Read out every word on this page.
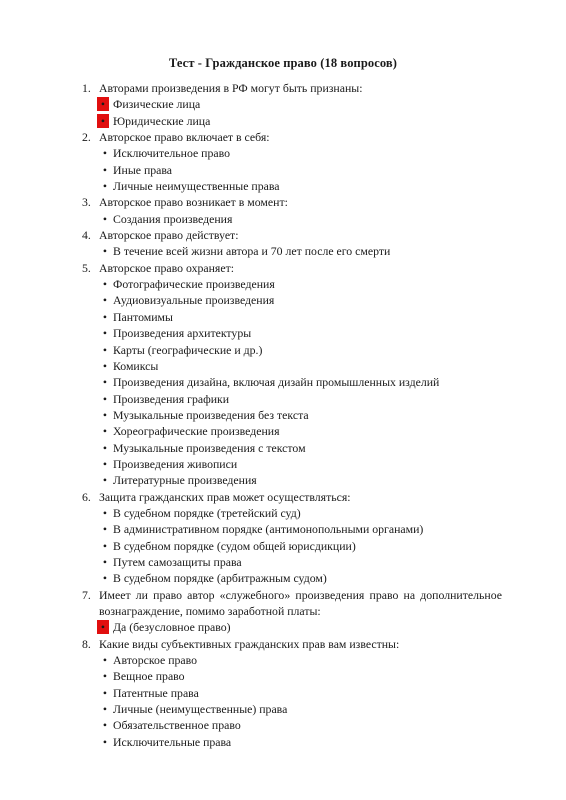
Тест - Гражданское право (18 вопросов)
1. Авторами произведения в РФ могут быть признаны:
• Физические лица
• Юридические лица
2. Авторское право включает в себя:
• Исключительное право
• Иные права
• Личные неимущественные права
3. Авторское право возникает в момент:
• Создания произведения
4. Авторское право действует:
• В течение всей жизни автора и 70 лет после его смерти
5. Авторское право охраняет:
• Фотографические произведения
• Аудиовизуальные произведения
• Пантомимы
• Произведения архитектуры
• Карты (географические и др.)
• Комиксы
• Произведения дизайна, включая дизайн промышленных изделий
• Произведения графики
• Музыкальные произведения без текста
• Хореографические произведения
• Музыкальные произведения с текстом
• Произведения живописи
• Литературные произведения
6. Защита гражданских прав может осуществляться:
• В судебном порядке (третейский суд)
• В административном порядке (антимонопольными органами)
• В судебном порядке (судом общей юрисдикции)
• Путем самозащиты права
• В судебном порядке (арбитражным судом)
7. Имеет ли право автор «служебного» произведения право на дополнительное вознаграждение, помимо заработной платы:
• Да (безусловное право)
8. Какие виды субъективных гражданских прав вам известны:
• Авторское право
• Вещное право
• Патентные права
• Личные (неимущественные) права
• Обязательственное право
• Исключительные права
